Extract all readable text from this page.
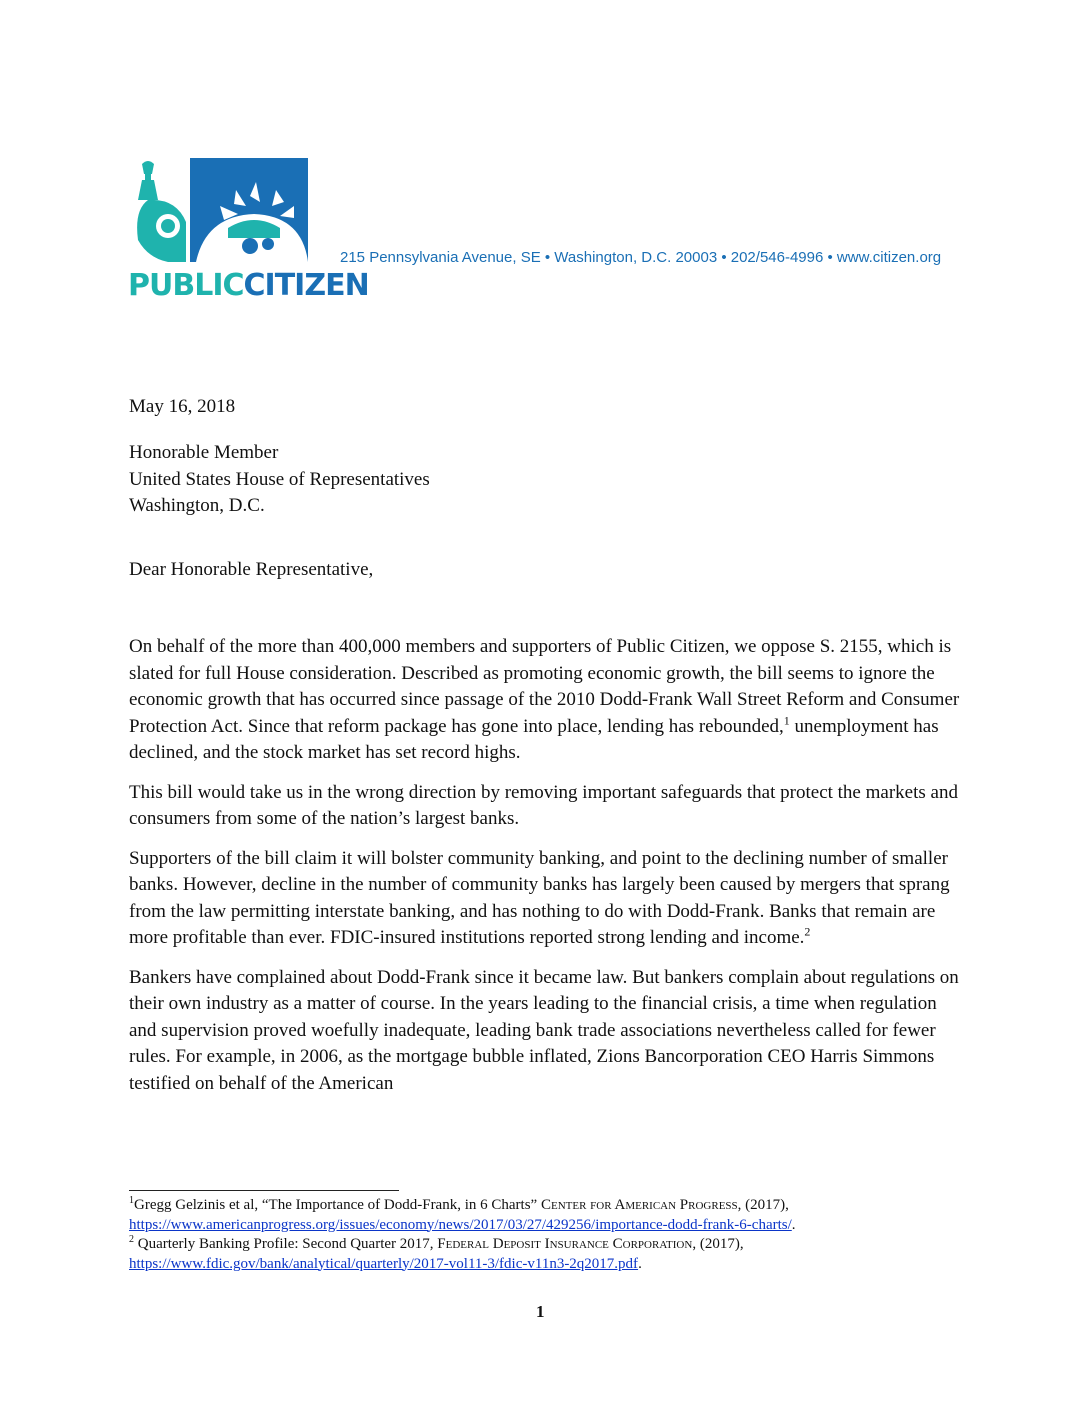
PUBLICCITIZEN
215 Pennsylvania Avenue, SE • Washington, D.C. 20003 • 202/546-4996 • www.citizen.org
May 16, 2018

Honorable Member

United States House of Representatives

Washington, D.C.

Dear Honorable Representative,

On behalf of the more than 400,000 members and supporters of Public Citizen, we oppose S. 2155, which is slated for full House consideration. Described as promoting economic growth, the bill seems to ignore the economic growth that has occurred since passage of the 2010 Dodd-Frank Wall Street Reform and Consumer Protection Act. Since that reform package has gone into place, lending has rebounded,$^1$ unemployment has declined, and the stock market has set record highs.

This bill would take us in the wrong direction by removing important safeguards that protect the markets and consumers from some of the nation’s largest banks.

Supporters of the bill claim it will bolster community banking, and point to the declining number of smaller banks. However, decline in the number of community banks has largely been caused by mergers that sprang from the law permitting interstate banking, and has nothing to do with Dodd-Frank. Banks that remain are more profitable than ever. FDIC-insured institutions reported strong lending and income.$^2$

Bankers have complained about Dodd-Frank since it became law. But bankers complain about regulations on their own industry as a matter of course. In the years leading to the financial crisis, a time when regulation and supervision proved woefully inadequate, leading bank trade associations nevertheless called for fewer rules. For example, in 2006, as the mortgage bubble inflated, Zions Bancorporation CEO Harris Simmons testified on behalf of the American

$^1$Gregg Gelzinis et al, “The Importance of Dodd-Frank, in 6 Charts” Center for American Progress, (2017),
https://www.americanprogress.org/issues/economy/news/2017/03/27/429256/importance-dodd-frank-6-charts/.

$^2$ Quarterly Banking Profile: Second Quarter 2017, Federal Deposit Insurance Corporation, (2017),
https://www.fdic.gov/bank/analytical/quarterly/2017-vol11-3/fdic-v11n3-2q2017.pdf.

1
